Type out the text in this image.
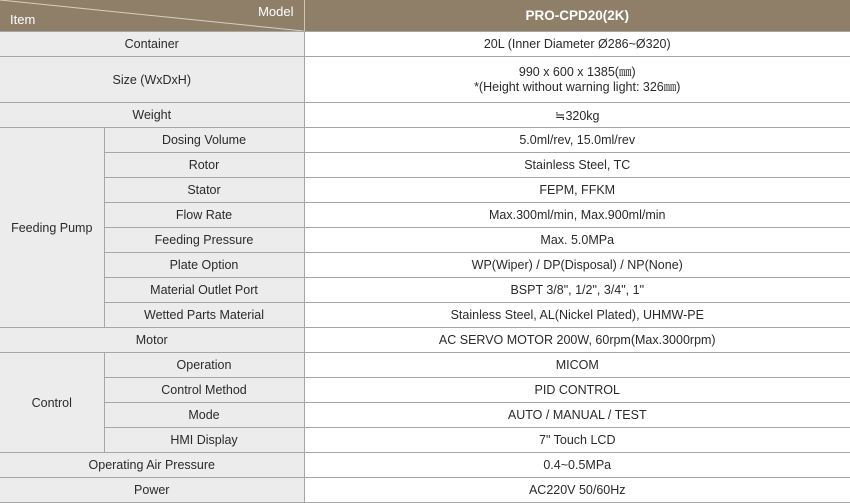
Item
Model		PRO-CPD20(2K)
Container		20L (Inner Diameter Ø286~Ø320)
Size (WxDxH)		990 x 600 x 1385(㎜)
*(Height without warning light: 326㎜)

Weight		≒320kg
Feeding Pump	Dosing Volume	5.0ml/rev, 15.0ml/rev
	Rotor	Stainless Steel, TC
	Stator	FEPM, FFKM
	Flow Rate	Max.300ml/min, Max.900ml/min
	Feeding Pressure	Max. 5.0MPa
	Plate Option	WP(Wiper) / DP(Disposal) / NP(None)
	Material Outlet Port	BSPT 3/8", 1/2", 3/4", 1"
	Wetted Parts Material	Stainless Steel, AL(Nickel Plated), UHMW-PE
Motor		AC SERVO MOTOR 200W, 60rpm(Max.3000rpm)
Control	Operation	MICOM
	Control Method	PID CONTROL
	Mode	AUTO / MANUAL / TEST
	HMI Display	7" Touch LCD
Operating Air Pressure		0.4~0.5MPa
Power		AC220V 50/60Hz
